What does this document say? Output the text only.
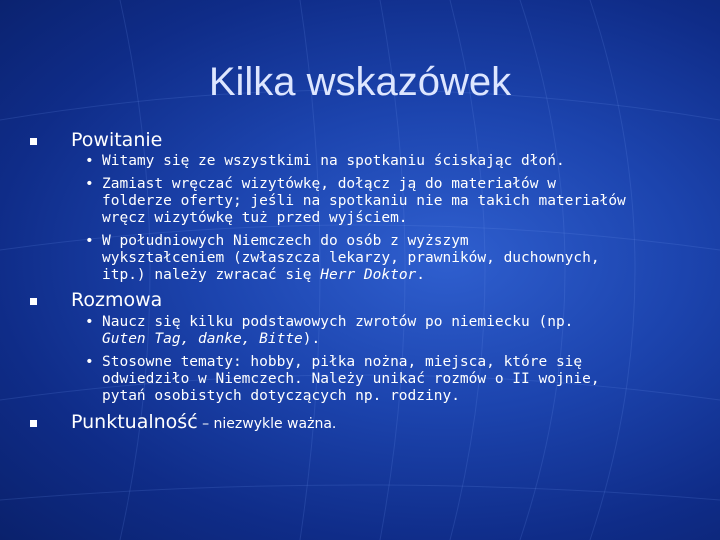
Kilka wskazówek
Powitanie
• Witamy się ze wszystkimi na spotkaniu ściskając dłoń.
• Zamiast wręczać wizytówkę, dołącz ją do materiałów w
folderze oferty; jeśli na spotkaniu nie ma takich materiałów
wręcz wizytówkę tuż przed wyjściem.
• W południowych Niemczech do osób z wyższym
wykształceniem (zwłaszcza lekarzy, prawników, duchownych,
itp.) należy zwracać się Herr Doktor.
Rozmowa
• Naucz się kilku podstawowych zwrotów po niemiecku (np.
Guten Tag, danke, Bitte).
• Stosowne tematy: hobby, piłka nożna, miejsca, które się
odwiedziło w Niemczech. Należy unikać rozmów o II wojnie,
pytań osobistych dotyczących np. rodziny.
Punktualność – niezwykle ważna.
